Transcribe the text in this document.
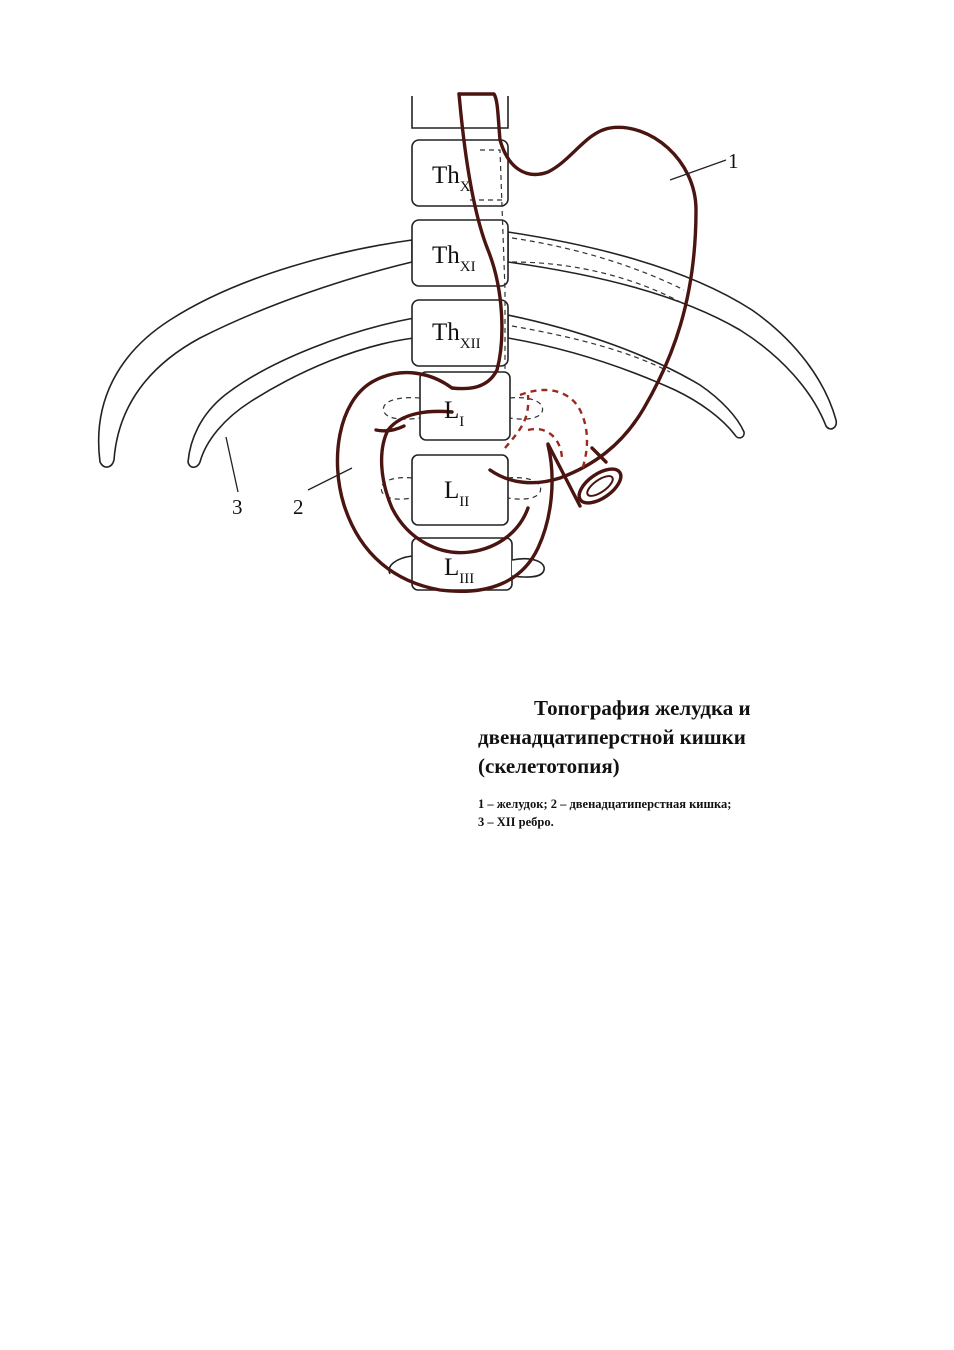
$Th_X$
$Th_{XI}$
$Th_{XII}$
$L_I$
$L_{II}$
$L_{III}$
1
2
3

Топография желудка и
двенадцатиперстной кишки
(скелетотопия)

1 – желудок; 2 – двенадцатиперстная кишка;
3 – XII ребро.
